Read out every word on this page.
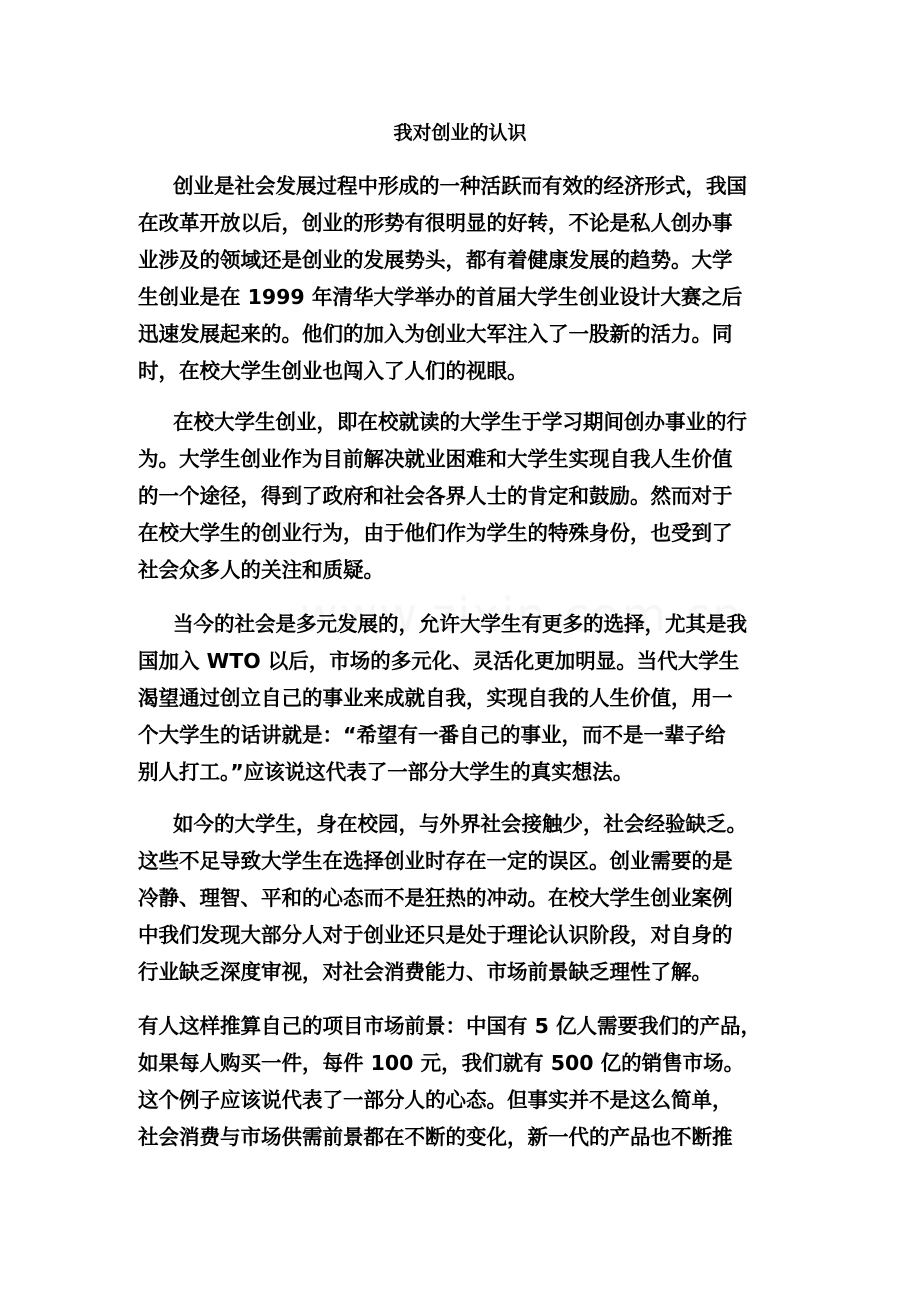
我对创业的认识

创业是社会发展过程中形成的一种活跃而有效的经济形式，我国

在改革开放以后，创业的形势有很明显的好转，不论是私人创办事

业涉及的领域还是创业的发展势头，都有着健康发展的趋势。大学

生创业是在 1999 年清华大学举办的首届大学生创业设计大赛之后

迅速发展起来的。他们的加入为创业大军注入了一股新的活力。同

时，在校大学生创业也闯入了人们的视眼。

在校大学生创业，即在校就读的大学生于学习期间创办事业的行

为。大学生创业作为目前解决就业困难和大学生实现自我人生价值

的一个途径，得到了政府和社会各界人士的肯定和鼓励。然而对于

在校大学生的创业行为，由于他们作为学生的特殊身份，也受到了

社会众多人的关注和质疑。

当今的社会是多元发展的，允许大学生有更多的选择，尤其是我

国加入 WTO 以后，市场的多元化、灵活化更加明显。当代大学生

渴望通过创立自己的事业来成就自我，实现自我的人生价值，用一

个大学生的话讲就是：“希望有一番自己的事业，而不是一辈子给

别人打工。”应该说这代表了一部分大学生的真实想法。

如今的大学生，身在校园，与外界社会接触少，社会经验缺乏。

这些不足导致大学生在选择创业时存在一定的误区。创业需要的是

冷静、理智、平和的心态而不是狂热的冲动。在校大学生创业案例

中我们发现大部分人对于创业还只是处于理论认识阶段，对自身的

行业缺乏深度审视，对社会消费能力、市场前景缺乏理性了解。

有人这样推算自己的项目市场前景：中国有 5 亿人需要我们的产品，

如果每人购买一件，每件 100 元，我们就有 500 亿的销售市场。

这个例子应该说代表了一部分人的心态。但事实并不是这么简单，

社会消费与市场供需前景都在不断的变化，新一代的产品也不断推
